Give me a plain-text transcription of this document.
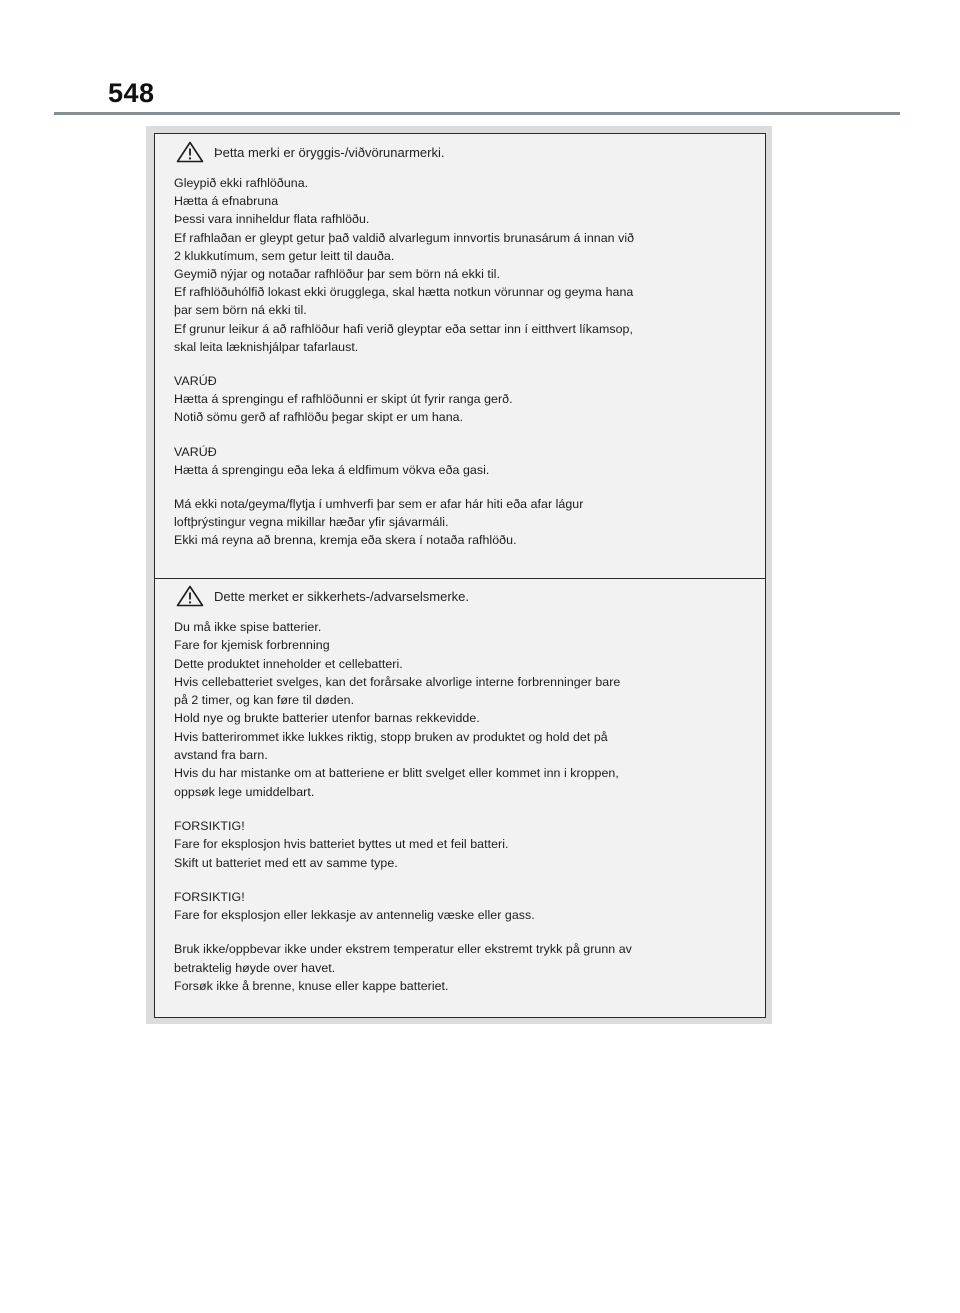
548
Þetta merki er öryggis-/viðvörunarmerki.
Gleypið ekki rafhlöðuna.
Hætta á efnabruna
Þessi vara inniheldur flata rafhlöðu.
Ef rafhlaðan er gleypt getur það valdið alvarlegum innvortis brunasárum á innan við
2 klukkutímum, sem getur leitt til dauða.
Geymið nýjar og notaðar rafhlöður þar sem börn ná ekki til.
Ef rafhlöðuhólfið lokast ekki örugglega, skal hætta notkun vörunnar og geyma hana
þar sem börn ná ekki til.
Ef grunur leikur á að rafhlöður hafi verið gleyptar eða settar inn í eitthvert líkamsop,
skal leita læknishjálpar tafarlaust.
VARÚÐ
Hætta á sprengingu ef rafhlöðunni er skipt út fyrir ranga gerð.
Notið sömu gerð af rafhlöðu þegar skipt er um hana.
VARÚÐ
Hætta á sprengingu eða leka á eldfimum vökva eða gasi.
Má ekki nota/geyma/flytja í umhverfi þar sem er afar hár hiti eða afar lágur
loftþrýstingur vegna mikillar hæðar yfir sjávarmáli.
Ekki má reyna að brenna, kremja eða skera í notaða rafhlöðu.
Dette merket er sikkerhets-/advarselsmerke.
Du må ikke spise batterier.
Fare for kjemisk forbrenning
Dette produktet inneholder et cellebatteri.
Hvis cellebatteriet svelges, kan det forårsake alvorlige interne forbrenninger bare
på 2 timer, og kan føre til døden.
Hold nye og brukte batterier utenfor barnas rekkevidde.
Hvis batterirommet ikke lukkes riktig, stopp bruken av produktet og hold det på
avstand fra barn.
Hvis du har mistanke om at batteriene er blitt svelget eller kommet inn i kroppen,
oppsøk lege umiddelbart.
FORSIKTIG!
Fare for eksplosjon hvis batteriet byttes ut med et feil batteri.
Skift ut batteriet med ett av samme type.
FORSIKTIG!
Fare for eksplosjon eller lekkasje av antennelig væske eller gass.
Bruk ikke/oppbevar ikke under ekstrem temperatur eller ekstremt trykk på grunn av
betraktelig høyde over havet.
Forsøk ikke å brenne, knuse eller kappe batteriet.
